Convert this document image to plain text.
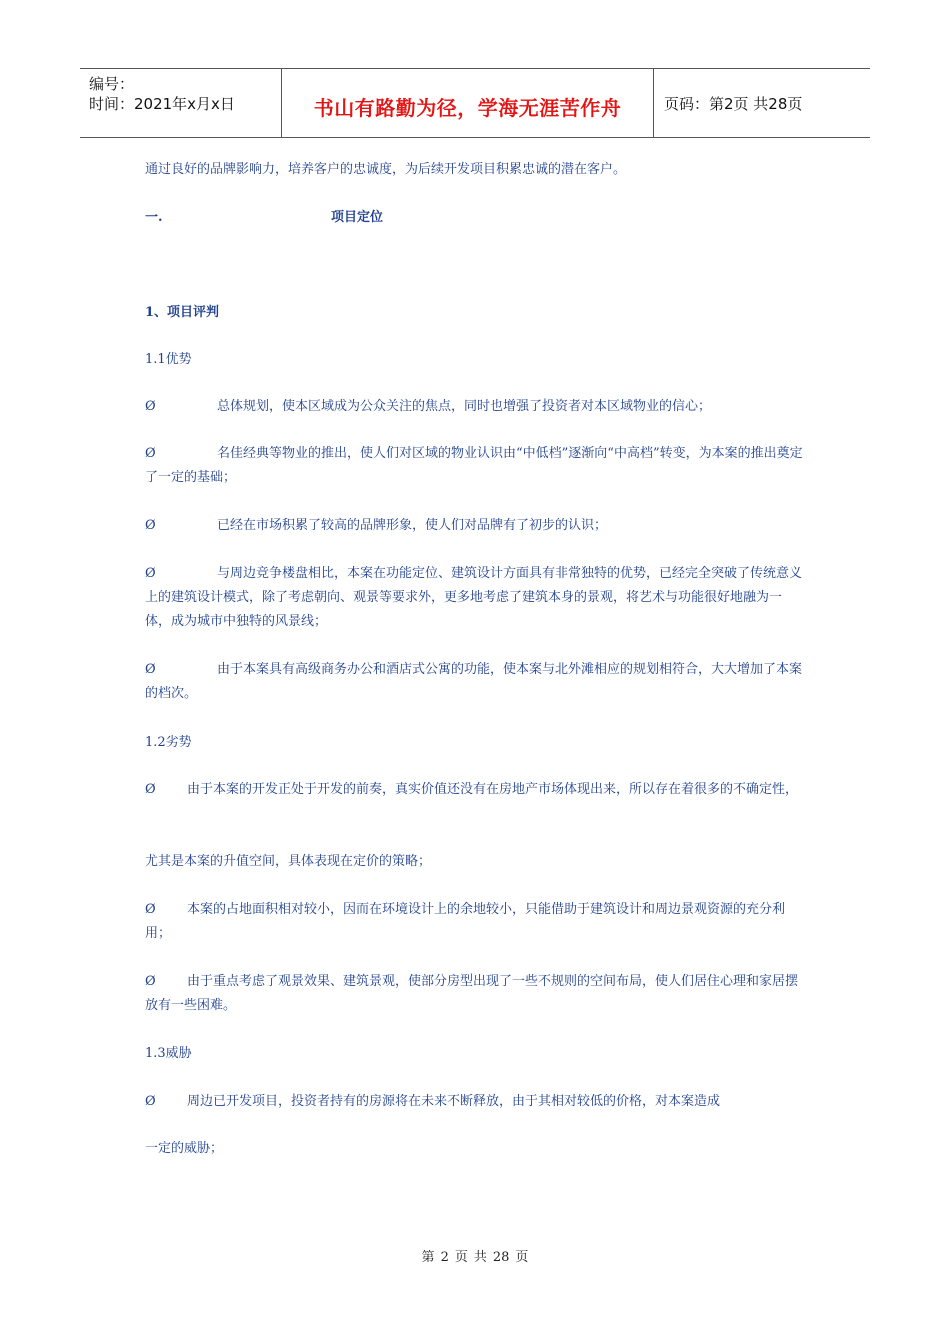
编号：
时间：2021年x月x日	书山有路勤为径，学海无涯苦作舟	页码：第2页 共28页
通过良好的品牌影响力，培养客户的忠诚度，为后续开发项目积累忠诚的潜在客户。
一.	项目定位
1、项目评判
1.1优势
Ø	总体规划，使本区域成为公众关注的焦点，同时也增强了投资者对本区域物业的信心；
Ø	名佳经典等物业的推出，使人们对区域的物业认识由“中低档”逐渐向“中高档”转变，为本案的推出奠定了一定的基础；
Ø	已经在市场积累了较高的品牌形象，使人们对品牌有了初步的认识；
Ø	与周边竞争楼盘相比，本案在功能定位、建筑设计方面具有非常独特的优势，已经完全突破了传统意义上的建筑设计模式，除了考虑朝向、观景等要求外，更多地考虑了建筑本身的景观，将艺术与功能很好地融为一体，成为城市中独特的风景线；
Ø	由于本案具有高级商务办公和酒店式公寓的功能，使本案与北外滩相应的规划相符合，大大增加了本案的档次。
1.2劣势
Ø 由于本案的开发正处于开发的前奏，真实价值还没有在房地产市场体现出来，所以存在着很多的不确定性，
尤其是本案的升值空间，具体表现在定价的策略；
Ø 本案的占地面积相对较小，因而在环境设计上的余地较小，只能借助于建筑设计和周边景观资源的充分利用；
Ø 由于重点考虑了观景效果、建筑景观，使部分房型出现了一些不规则的空间布局，使人们居住心理和家居摆放有一些困难。
1.3威胁
Ø 周边已开发项目，投资者持有的房源将在未来不断释放，由于其相对较低的价格，对本案造成
一定的威胁；
第 2 页 共 28 页
